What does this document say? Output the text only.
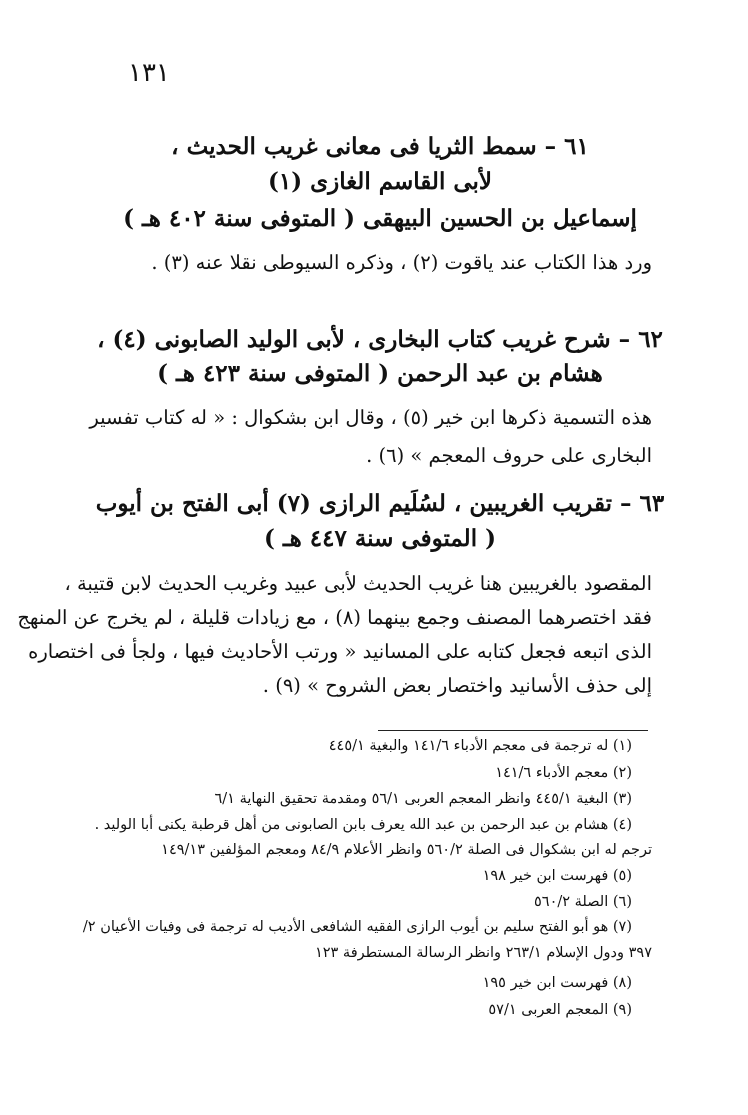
١٣١
٦١ – سمط الثريا فى معانى غريب الحديث ،
لأبى القاسم الغازى (١)
إسماعيل بن الحسين البيهقى ( المتوفى سنة ٤٠٢ هـ )
ورد هذا الكتاب عند ياقوت (٢) ، وذكره السيوطى نقلا عنه (٣) .
٦٢ – شرح غريب كتاب البخارى ، لأبى الوليد الصابونى (٤) ،
هشام بن عبد الرحمن ( المتوفى سنة ٤٢٣ هـ )
هذه التسمية ذكرها ابن خير (٥) ، وقال ابن بشكوال : « له كتاب تفسير
البخارى على حروف المعجم » (٦) .
٦٣ – تقريب الغريبين ، لسُلَيم الرازى (٧) أبى الفتح بن أيوب
( المتوفى سنة ٤٤٧ هـ )
المقصود بالغريبين هنا غريب الحديث لأبى عبيد وغريب الحديث لابن قتيبة ،
فقد اختصرهما المصنف وجمع بينهما (٨) ، مع زيادات قليلة ، لم يخرج عن المنهج
الذى اتبعه فجعل كتابه على المسانيد « ورتب الأحاديث فيها ، ولجأ فى اختصاره
إلى حذف الأسانيد واختصار بعض الشروح » (٩) .
(١) له ترجمة فى معجم الأدباء ١٤١/٦ والبغية ٤٤٥/١
(٢) معجم الأدباء ١٤١/٦
(٣) البغية ٤٤٥/١ وانظر المعجم العربى ٥٦/١ ومقدمة تحقيق النهاية ٦/١
(٤) هشام بن عبد الرحمن بن عبد الله يعرف بابن الصابونى من أهل قرطبة يكنى أبا الوليد .
ترجم له ابن بشكوال فى الصلة ٥٦٠/٢ وانظر الأعلام ٨٤/٩ ومعجم المؤلفين ١٤٩/١٣
(٥) فهرست ابن خير ١٩٨
(٦) الصلة ٥٦٠/٢
(٧) هو أبو الفتح سليم بن أيوب الرازى الفقيه الشافعى الأديب له ترجمة فى وفيات الأعيان ٢/
٣٩٧ ودول الإسلام ٢٦٣/١ وانظر الرسالة المستطرفة ١٢٣
(٨) فهرست ابن خير ١٩٥
(٩) المعجم العربى ٥٧/١
